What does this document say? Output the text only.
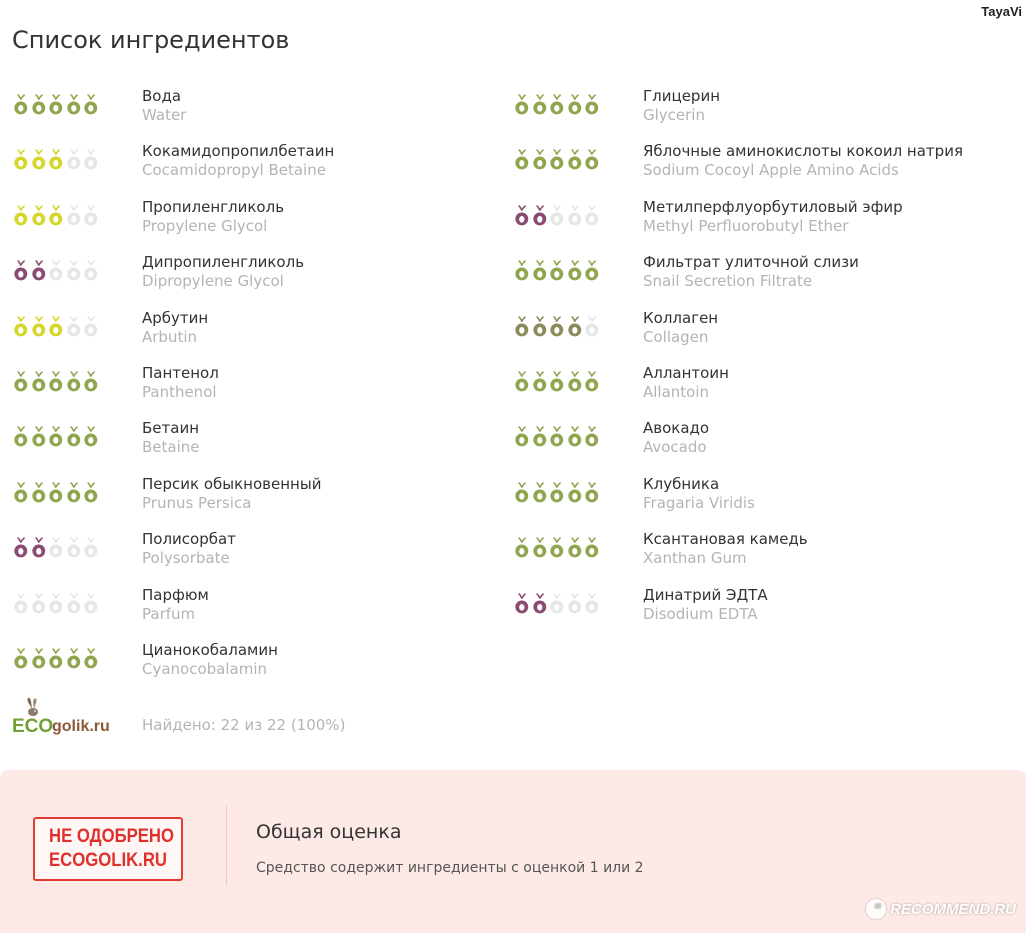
TayaVi
Список ингредиентов
Вода
Water
Кокамидопропилбетаин
Cocamidopropyl Betaine
Пропиленгликоль
Propylene Glycol
Дипропиленгликоль
Dipropylene Glycol
Арбутин
Arbutin
Пантенол
Panthenol
Бетаин
Betaine
Персик обыкновенный
Prunus Persica
Полисорбат
Polysorbate
Парфюм
Parfum
Цианокобаламин
Cyanocobalamin
Глицерин
Glycerin
Яблочные аминокислоты кокоил натрия
Sodium Cocoyl Apple Amino Acids
Метилперфлуорбутиловый эфир
Methyl Perfluorobutyl Ether
Фильтрат улиточной слизи
Snail Secretion Filtrate
Коллаген
Collagen
Аллантоин
Allantoin
Авокадо
Avocado
Клубника
Fragaria Viridis
Ксантановая камедь
Xanthan Gum
Динатрий ЭДТА
Disodium EDTA
ECO
golik.ru Найдено: 22 из 22 (100%)
НЕ ОДОБРЕНО
ECOGOLIK.RU
Общая оценка
Средство содержит ингредиенты с оценкой 1 или 2
❝ RECOMMEND.RU
